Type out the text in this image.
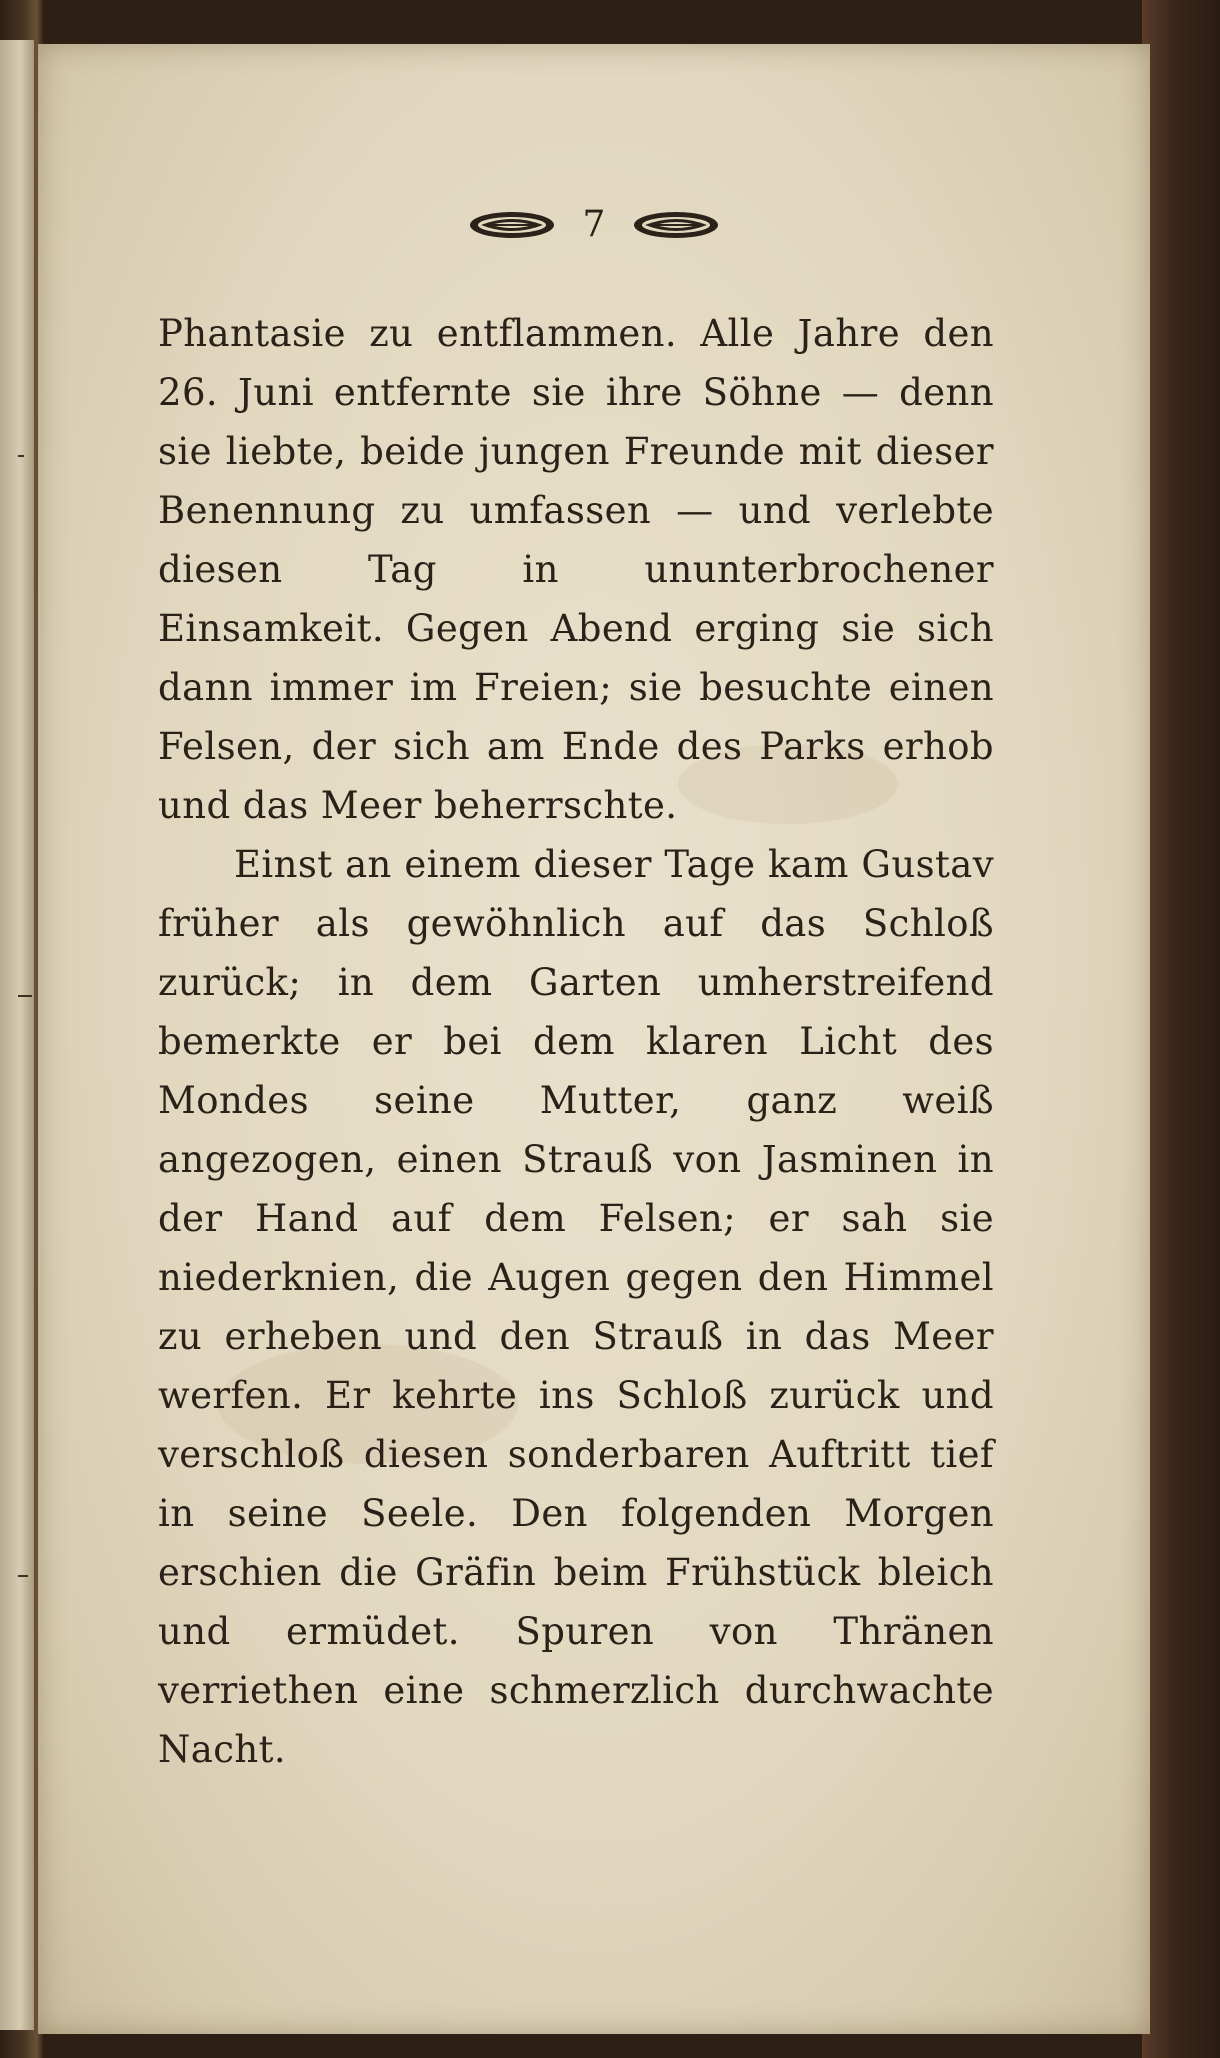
7

Phantasie zu entflammen. Alle Jahre den 26. Juni entfernte sie ihre Söhne — denn sie liebte, beide jungen Freunde mit dieser Benennung zu umfassen — und verlebte diesen Tag in ununterbrochener Einsamkeit. Gegen Abend erging sie sich dann immer im Freien; sie besuchte einen Felsen, der sich am Ende des Parks erhob und das Meer beherrschte.

Einst an einem dieser Tage kam Gustav früher als gewöhnlich auf das Schloß zurück; in dem Garten umherstreifend bemerkte er bei dem klaren Licht des Mondes seine Mutter, ganz weiß angezogen, einen Strauß von Jasminen in der Hand auf dem Felsen; er sah sie niederknien, die Augen gegen den Himmel zu erheben und den Strauß in das Meer werfen. Er kehrte ins Schloß zurück und verschloß diesen sonderbaren Auftritt tief in seine Seele. Den folgenden Morgen erschien die Gräfin beim Frühstück bleich und ermüdet. Spuren von Thränen verriethen eine schmerzlich durchwachte Nacht.
